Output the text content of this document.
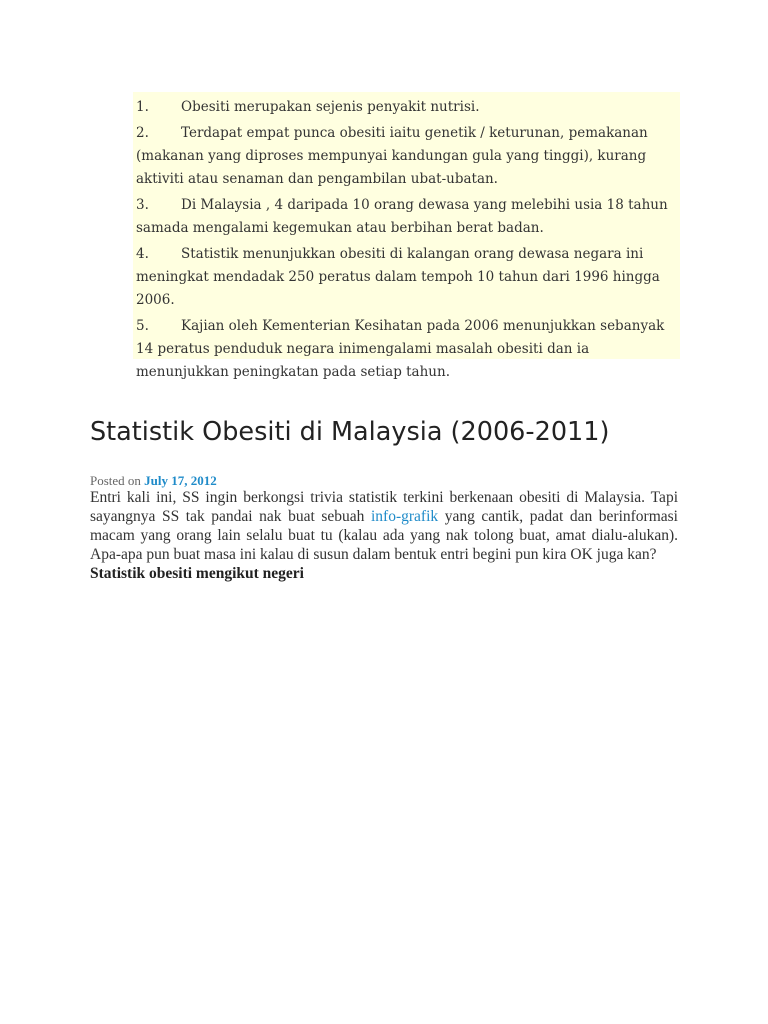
1. Obesiti merupakan sejenis penyakit nutrisi.
2. Terdapat empat punca obesiti iaitu genetik / keturunan, pemakanan (makanan yang diproses mempunyai kandungan gula yang tinggi), kurang aktiviti atau senaman dan pengambilan ubat-ubatan.
3. Di Malaysia , 4 daripada 10 orang dewasa yang melebihi usia 18 tahun samada mengalami kegemukan atau berbihan berat badan.
4. Statistik menunjukkan obesiti di kalangan orang dewasa negara ini meningkat mendadak 250 peratus dalam tempoh 10 tahun dari 1996 hingga 2006.
5. Kajian oleh Kementerian Kesihatan pada 2006 menunjukkan sebanyak 14 peratus penduduk negara inimengalami masalah obesiti dan ia menunjukkan peningkatan pada setiap tahun.
Statistik Obesiti di Malaysia (2006-2011)
Posted on July 17, 2012

Entri kali ini, SS ingin berkongsi trivia statistik terkini berkenaan obesiti di Malaysia. Tapi sayangnya SS tak pandai nak buat sebuah info-grafik yang cantik, padat dan berinformasi macam yang orang lain selalu buat tu (kalau ada yang nak tolong buat, amat dialu-alukan). Apa-apa pun buat masa ini kalau di susun dalam bentuk entri begini pun kira OK juga kan?

Statistik obesiti mengikut negeri
